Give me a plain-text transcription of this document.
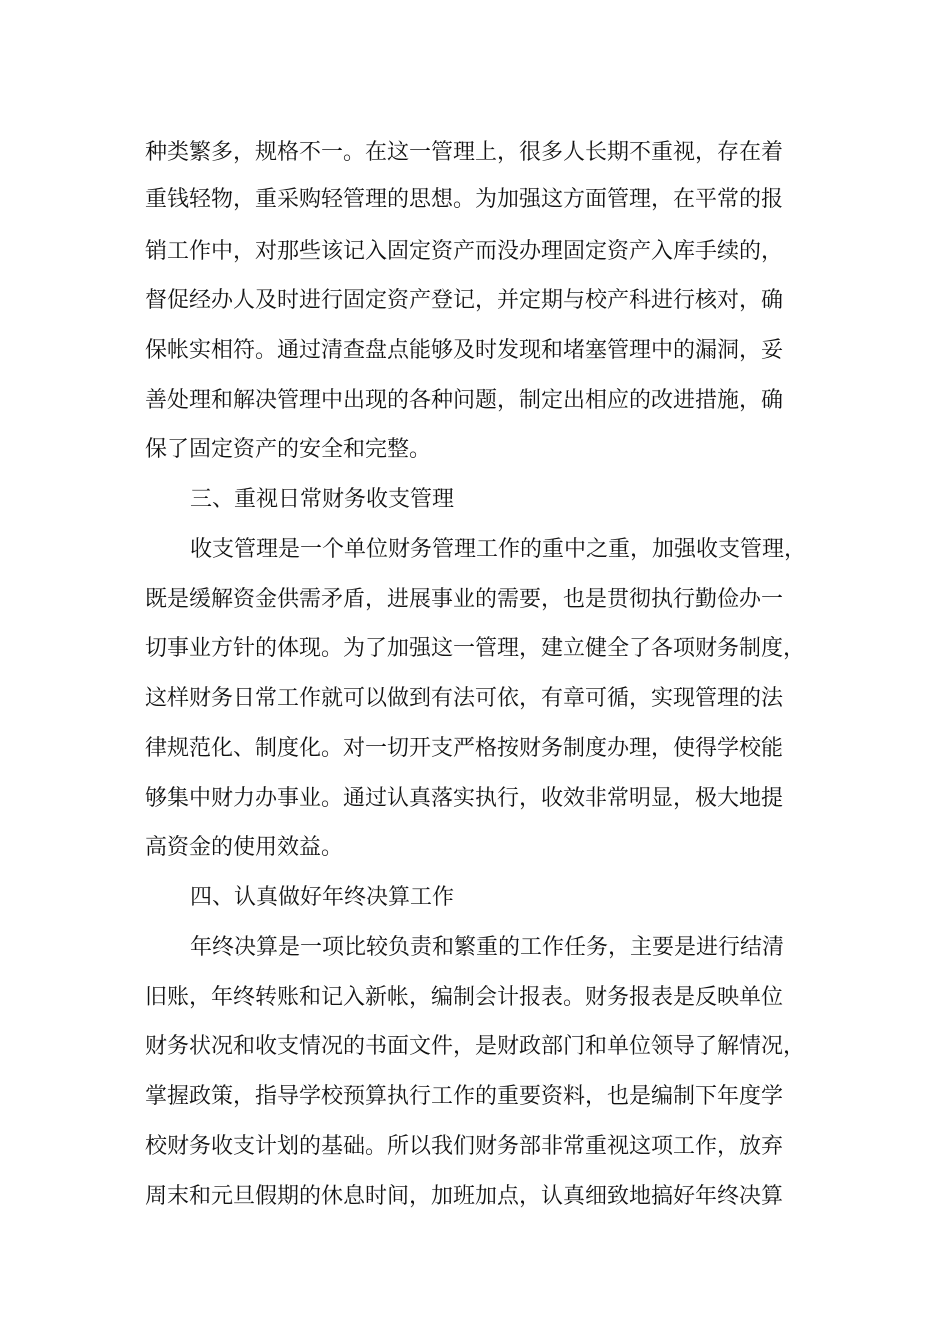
种类繁多，规格不一。在这一管理上，很多人长期不重视，存在着
重钱轻物，重采购轻管理的思想。为加强这方面管理，在平常的报
销工作中，对那些该记入固定资产而没办理固定资产入库手续的，
督促经办人及时进行固定资产登记，并定期与校产科进行核对，确
保帐实相符。通过清查盘点能够及时发现和堵塞管理中的漏洞，妥
善处理和解决管理中出现的各种问题，制定出相应的改进措施，确
保了固定资产的安全和完整。
三、重视日常财务收支管理
收支管理是一个单位财务管理工作的重中之重，加强收支管理，
既是缓解资金供需矛盾，进展事业的需要，也是贯彻执行勤俭办一
切事业方针的体现。为了加强这一管理，建立健全了各项财务制度，
这样财务日常工作就可以做到有法可依，有章可循，实现管理的法
律规范化、制度化。对一切开支严格按财务制度办理，使得学校能
够集中财力办事业。通过认真落实执行，收效非常明显，极大地提
高资金的使用效益。
四、认真做好年终决算工作
年终决算是一项比较负责和繁重的工作任务，主要是进行结清
旧账，年终转账和记入新帐，编制会计报表。财务报表是反映单位
财务状况和收支情况的书面文件，是财政部门和单位领导了解情况，
掌握政策，指导学校预算执行工作的重要资料，也是编制下年度学
校财务收支计划的基础。所以我们财务部非常重视这项工作，放弃
周末和元旦假期的休息时间，加班加点，认真细致地搞好年终决算
